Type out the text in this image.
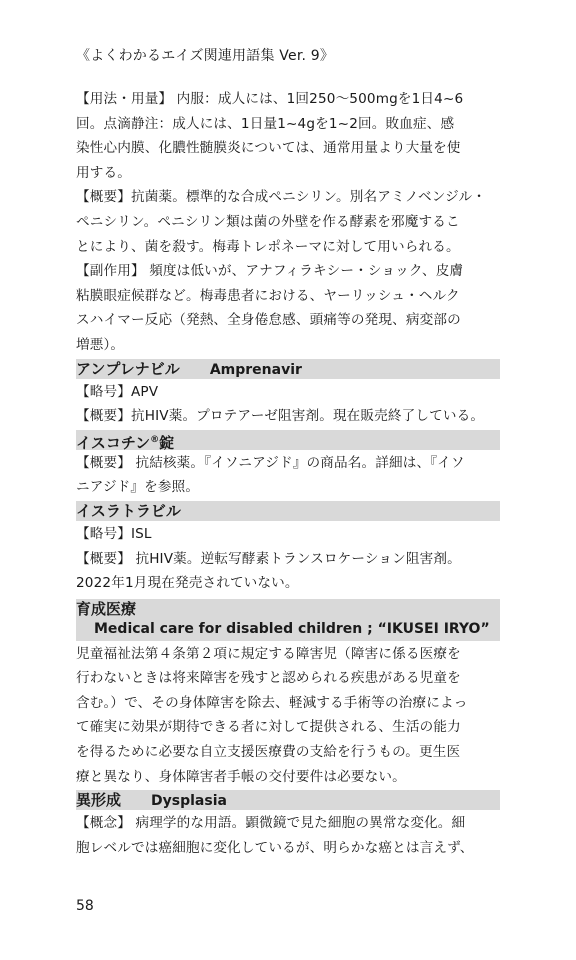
《よくわかるエイズ関連用語集 Ver. 9》
【用法・用量】 内服：成人には、1回250～500mgを1日4~6
回。点滴静注：成人には、1日量1~4gを1~2回。敗血症、感
染性心内膜、化膿性髄膜炎については、通常用量より大量を使
用する。
【概要】抗菌薬。標準的な合成ペニシリン。別名アミノベンジル・
ペニシリン。ペニシリン類は菌の外壁を作る酵素を邪魔するこ
とにより、菌を殺す。梅毒トレポネーマに対して用いられる。
【副作用】 頻度は低いが、アナフィラキシー・ショック、皮膚
粘膜眼症候群など。梅毒患者における、ヤーリッシュ・ヘルク
スハイマー反応（発熱、全身倦怠感、頭痛等の発現、病変部の
増悪）。
アンプレナビル Amprenavir
【略号】APV
【概要】抗HIV薬。プロテアーゼ阻害剤。現在販売終了している。
イスコチン®錠
【概要】 抗結核薬。『イソニアジド』の商品名。詳細は、『イソ
ニアジド』を参照。
イスラトラビル
【略号】ISL
【概要】 抗HIV薬。逆転写酵素トランスロケーション阻害剤。
2022年1月現在発売されていない。
育成医療
Medical care for disabled children ; “IKUSEI IRYO”
児童福祉法第４条第２項に規定する障害児（障害に係る医療を
行わないときは将来障害を残すと認められる疾患がある児童を
含む。）で、その身体障害を除去、軽減する手術等の治療によっ
て確実に効果が期待できる者に対して提供される、生活の能力
を得るために必要な自立支援医療費の支給を行うもの。更生医
療と異なり、身体障害者手帳の交付要件は必要ない。
異形成 Dysplasia
【概念】 病理学的な用語。顕微鏡で見た細胞の異常な変化。細
胞レベルでは癌細胞に変化しているが、明らかな癌とは言えず、
58
